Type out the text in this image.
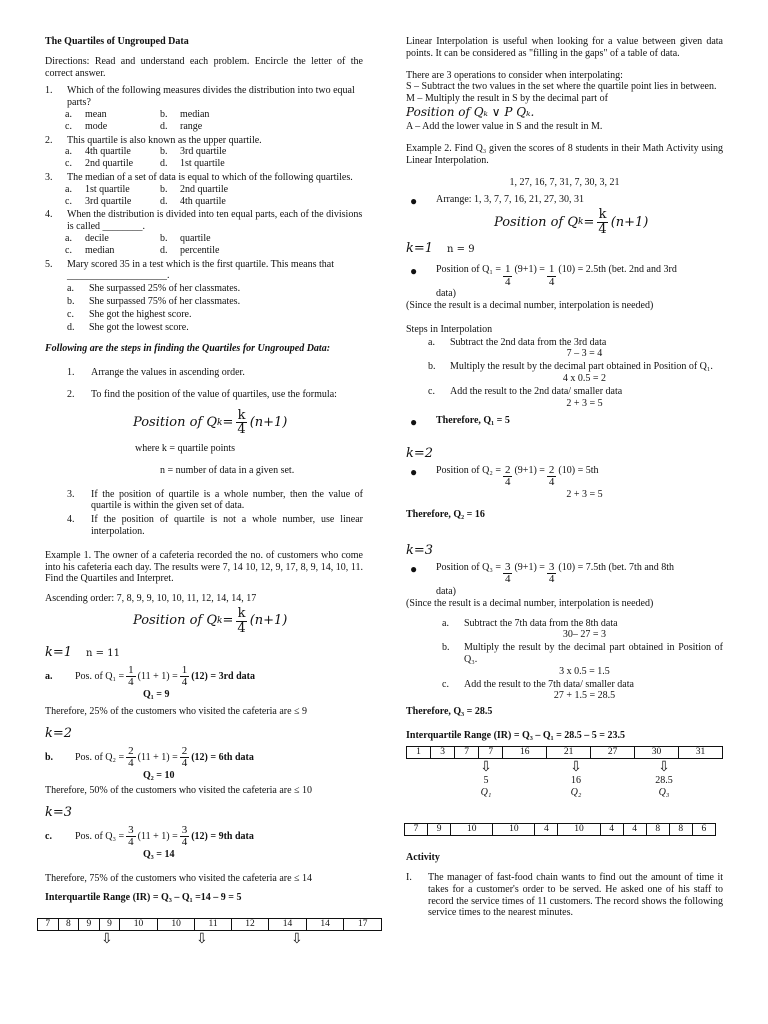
The Quartiles of Ungrouped Data
Directions: Read and understand each problem. Encircle the letter of the correct answer.
1.	Which of the following measures divides the distribution into two equal parts?
a.	mean	b.	median
c.	mode	d.	range
2.	This quartile is also known as the upper quartile.
a.	4th quartile	b.	3rd quartile
c.	2nd quartile	d.	1st quartile
3.	The median of a set of data is equal to which of the following quartiles.
a.	1st quartile	b.	2nd quartile
c.	3rd quartile	d.	4th quartile
4.	When the distribution is divided into ten equal parts, each of the divisions is called ________.
a.	decile	b.	quartile
c.	median	d.	percentile
5.	Mary scored 35 in a test which is the first quartile. This means that ____________________.
a.	She surpassed 25% of her classmates.
b.	She surpassed 75% of her classmates.
c.	She got the highest score.
d.	She got the lowest score.
Following are the steps in finding the Quartiles for Ungrouped Data:
1.	Arrange the values in ascending order.
2.	To find the position of the value of quartiles, use the formula:
Position of Q $k = \frac{k}{4} (n+1)$
where k = quartile points
n = number of data in a given set.
3.	If the position of quartile is a whole number, then the value of quartile is within the given set of data.
4.	If the position of quartile is not a whole number, use linear interpolation.
Example 1. The owner of a cafeteria recorded the no. of customers who come into his cafeteria each day. The results were 7, 14 10, 12, 9, 17, 8, 9, 14, 10, 11. Find the Quartiles and Interpret.
Ascending order: 7, 8, 9, 9, 10, 10, 11, 12, 14, 14, 17
Position of Q $k = \frac{k}{4} (n+1)$
k=1 n = 11
a.	Pos. of $Q_1 = \frac{1}{4} (11 + 1) = \frac{1}{4} (12) = 3rd$ data
Q₁ = 9
Therefore, 25% of the customers who visited the cafeteria are ≤ 9
k=2
b.	Pos. of $Q_2 = \frac{2}{4} (11 + 1) = \frac{2}{4} (12) = 6th$ data
Q₂ = 10
Therefore, 50% of the customers who visited the cafeteria are ≤ 10
k=3
c.	Pos. of $Q_3 = \frac{3}{4} (11 + 1) = \frac{3}{4} (12) = 9th$ data
Q₃ = 14
Therefore, 75% of the customers who visited the cafeteria are ≤ 14
Interquartile Range (IR) = Q₃ – Q₁ =14 – 9 = 5
7	8	9	9	10	10	11	12	14	14	17
⇩	⇩	⇩
Linear Interpolation is useful when looking for a value between given data points. It can be considered as "filling in the gaps" of a table of data.
There are 3 operations to consider when interpolating:
S – Subtract the two values in the set where the quartile point lies in between.
M – Multiply the result in S by the decimal part of
Position of Qₖ ∨ P Qₖ.
A – Add the lower value in S and the result in M.
Example 2. Find Q₃ given the scores of 8 students in their Math Activity using Linear Interpolation.
1, 27, 16, 7, 31, 7, 30, 3, 21
●	Arrange: 1, 3, 7, 7, 16, 21, 27, 30, 31
Position of Q $k = \frac{k}{4} (n+1)$
k=1 n = 9
●	Position of $Q_1 = \frac{1}{4} (9+1) = \frac{1}{4} (10) = 2.5th$ (bet. 2nd and 3rd
data)
(Since the result is a decimal number, interpolation is needed)
Steps in Interpolation
a.	Subtract the 2nd data from the 3rd data
7 – 3 = 4
b.	Multiply the result by the decimal part obtained in Position of Q₁.
4 x 0.5 = 2
c.	Add the result to the 2nd data/ smaller data
2 + 3 = 5
●	Therefore, Q₁ = 5
k=2
●	Position of $Q_2 = \frac{2}{4} (9+1) = \frac{2}{4} (10) = 5th$
2 + 3 = 5
Therefore, Q₂ = 16
k=3
●	Position of $Q_3 = \frac{3}{4} (9+1) = \frac{3}{4} (10) = 7.5th$ (bet. 7th and 8th
data)
(Since the result is a decimal number, interpolation is needed)
a.	Subtract the 7th data from the 8th data
30– 27 = 3
b.	Multiply the result by the decimal part obtained in Position of Q₃.
3 x 0.5 = 1.5
c.	Add the result to the 7th data/ smaller data
27 + 1.5 = 28.5
Therefore, Q₃ = 28.5
Interquartile Range (IR) = Q₃ – Q₁ = 28.5 – 5 = 23.5
1	3	7	7	16	21	27	30	31
⇩
5
Q₁
⇩
16
Q₂
⇩
28.5
Q₃
7	9	10	10	4	10	4	4	8	8	6
Activity
I.	The manager of fast-food chain wants to find out the amount of time it takes for a customer's order to be served. He asked one of his staff to record the service times of 11 customers. The record shows the following service times to the nearest minutes.
